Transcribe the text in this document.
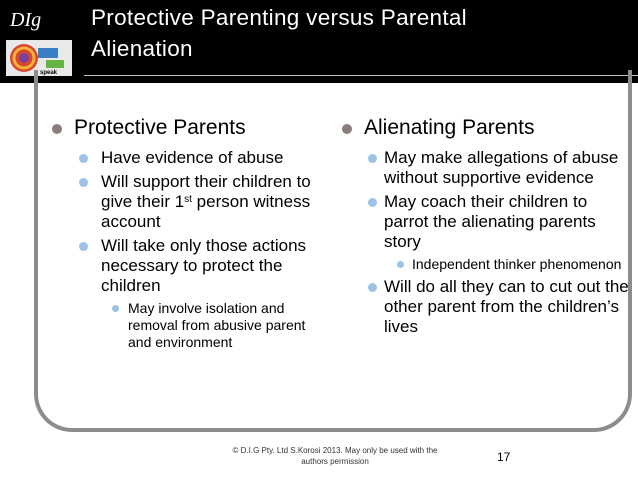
DIg
speak
Protective Parenting versus Parental
Alienation
Protective Parents
Have evidence of abuse
Will support their children to give their 1st person witness account
Will take only those actions necessary to protect the children
May involve isolation and removal from abusive parent and environment
Alienating Parents
May make allegations of abuse without supportive evidence
May coach their children to parrot the alienating parents story
Independent thinker phenomenon
Will do all they can to cut out the other parent from the children’s lives
© D.I.G Pty. Ltd S.Korosi 2013. May only be used with the authors permission	17
